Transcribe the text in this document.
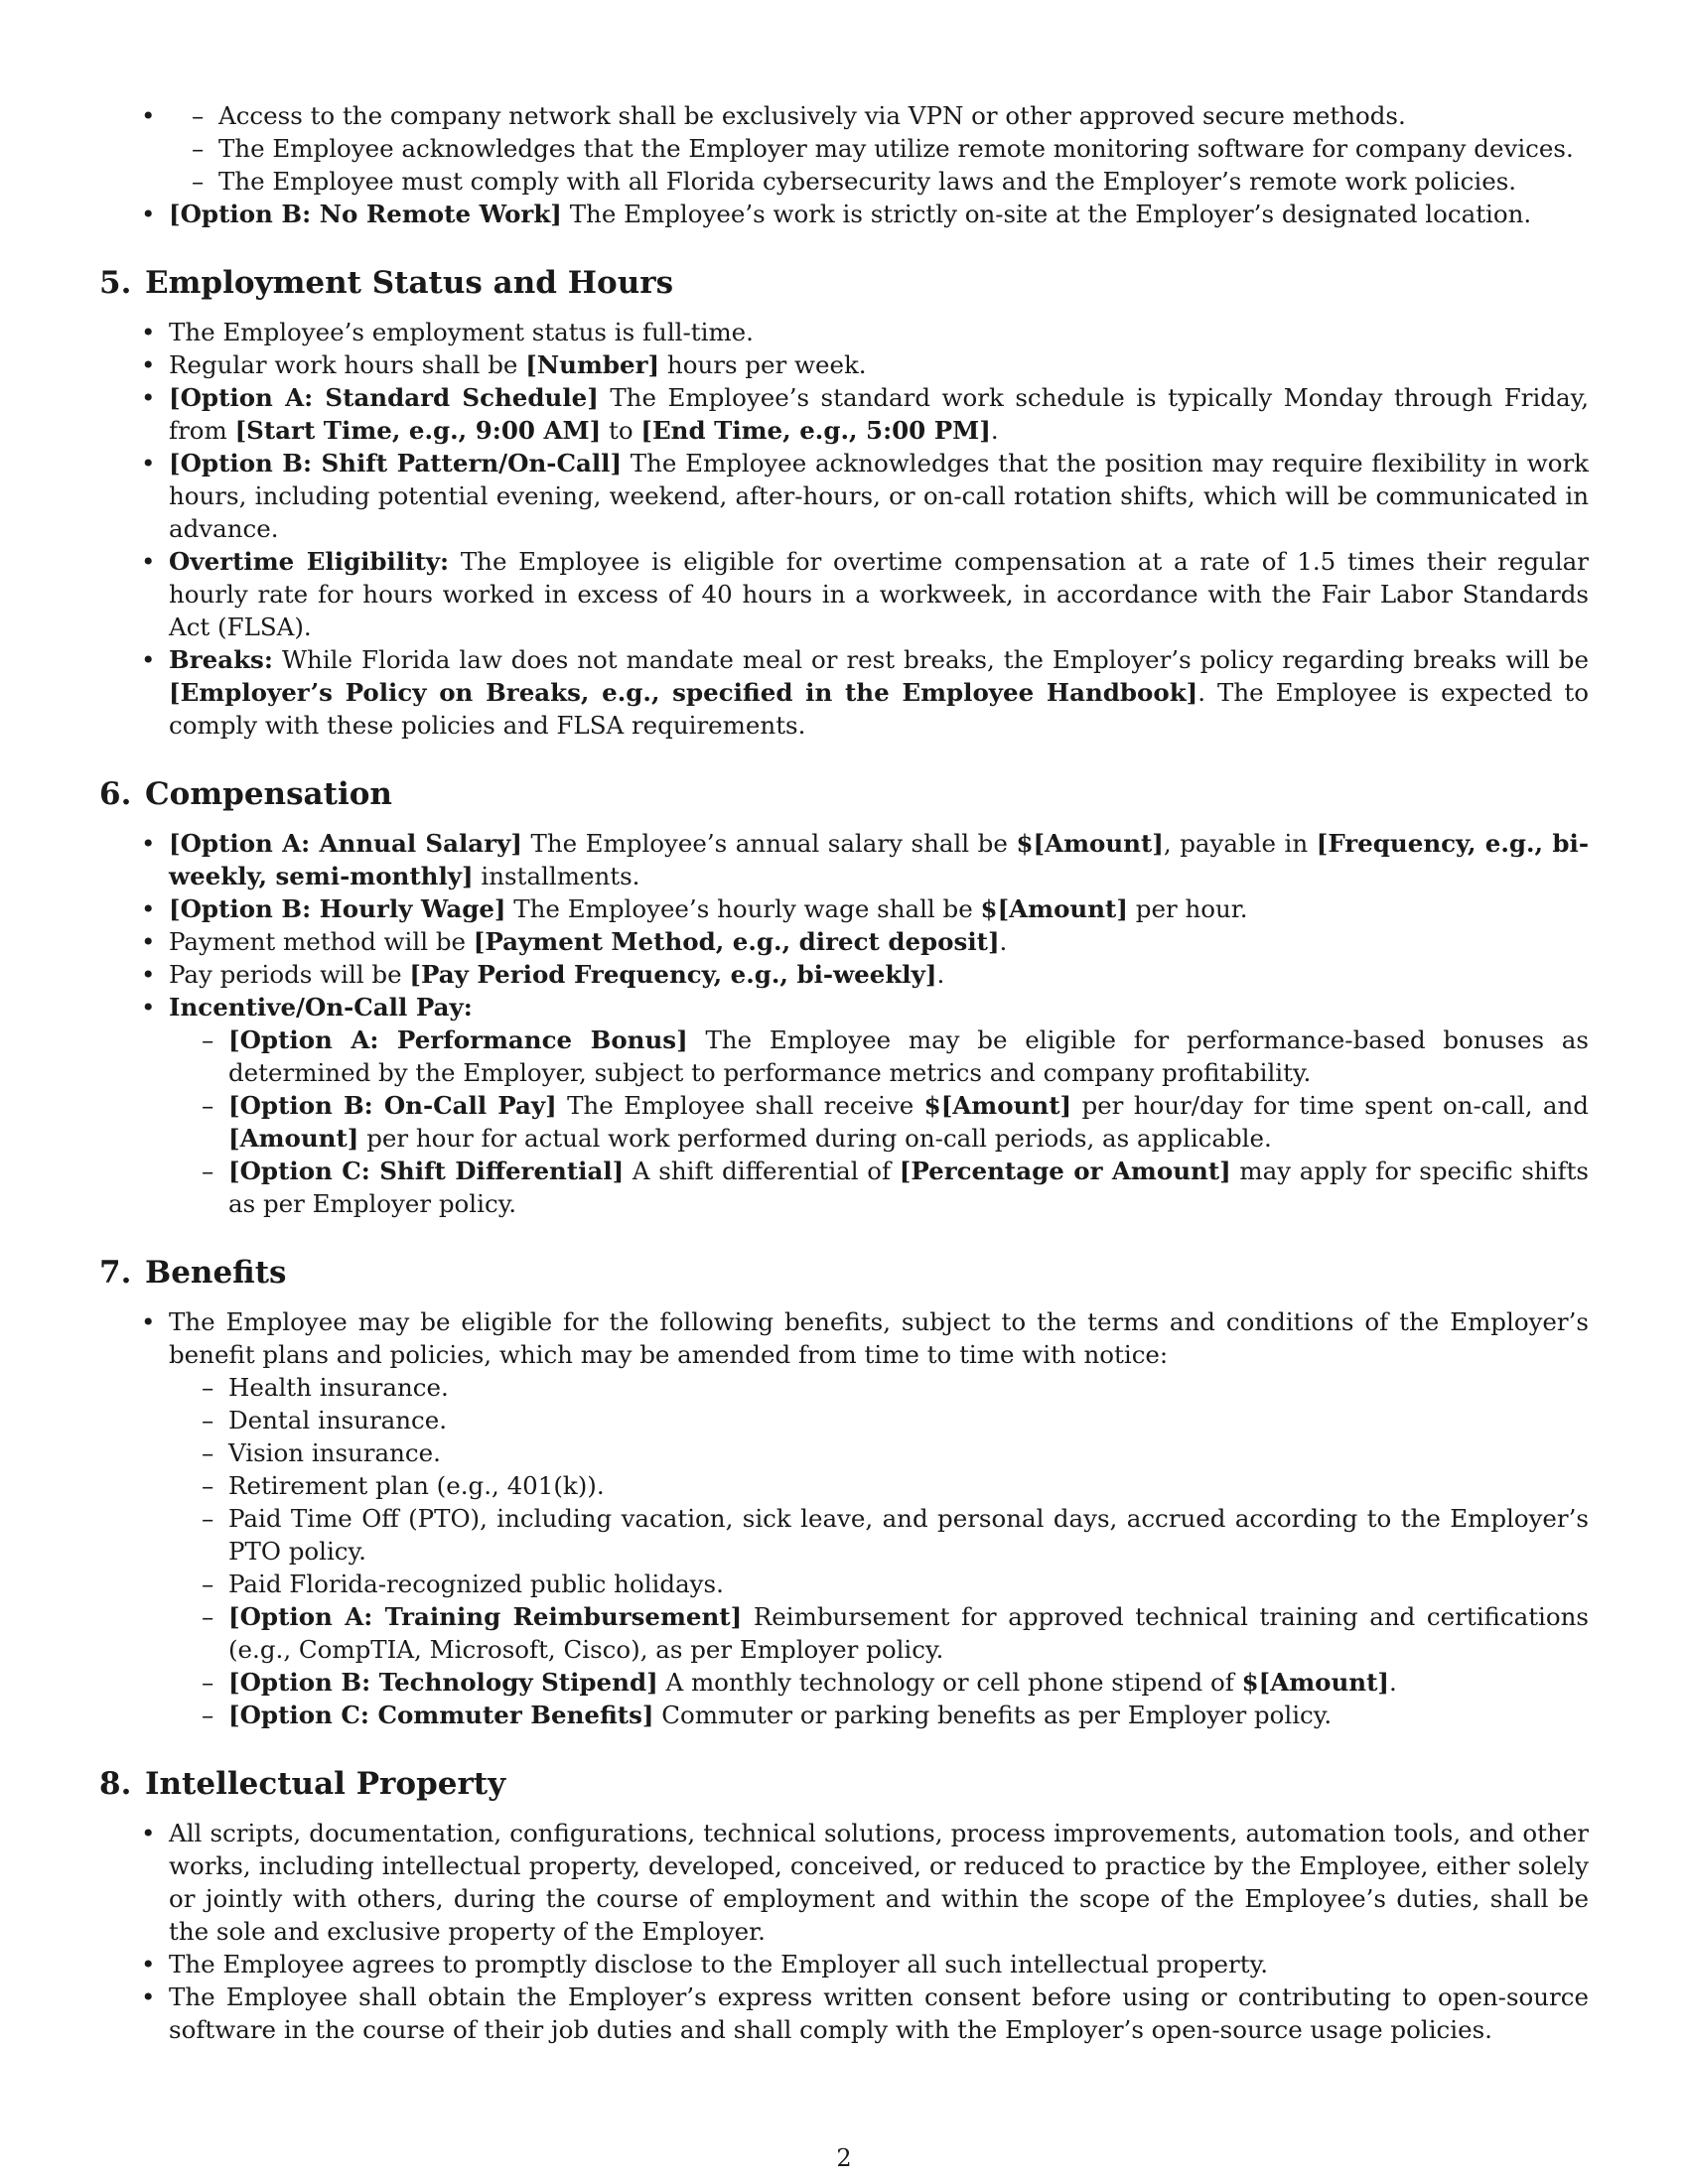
– • Access to the company network shall be exclusively via VPN or other approved secure methods.
– The Employee acknowledges that the Employer may utilize remote monitoring software for company devices.
– The Employee must comply with all Florida cybersecurity laws and the Employer’s remote work policies.
• [Option B: No Remote Work] The Employee’s work is strictly on-site at the Employer’s designated location.
5. Employment Status and Hours
• The Employee’s employment status is full-time.
• Regular work hours shall be [Number] hours per week.
• [Option A: Standard Schedule] The Employee’s standard work schedule is typically Monday through Friday, from [Start Time, e.g., 9:00 AM] to [End Time, e.g., 5:00 PM].
• [Option B: Shift Pattern/On-Call] The Employee acknowledges that the position may require flexibility in work hours, including potential evening, weekend, after-hours, or on-call rotation shifts, which will be communicated in advance.
• Overtime Eligibility: The Employee is eligible for overtime compensation at a rate of 1.5 times their regular hourly rate for hours worked in excess of 40 hours in a workweek, in accordance with the Fair Labor Standards Act (FLSA).
• Breaks: While Florida law does not mandate meal or rest breaks, the Employer’s policy regarding breaks will be [Employer’s Policy on Breaks, e.g., specified in the Employee Handbook]. The Employee is expected to comply with these policies and FLSA requirements.
6. Compensation
• [Option A: Annual Salary] The Employee’s annual salary shall be $[Amount], payable in [Frequency, e.g., bi-weekly, semi-monthly] installments.
• [Option B: Hourly Wage] The Employee’s hourly wage shall be $[Amount] per hour.
• Payment method will be [Payment Method, e.g., direct deposit].
• Pay periods will be [Pay Period Frequency, e.g., bi-weekly].
• Incentive/On-Call Pay:
– [Option A: Performance Bonus] The Employee may be eligible for performance-based bonuses as determined by the Employer, subject to performance metrics and company profitability.
– [Option B: On-Call Pay] The Employee shall receive $[Amount] per hour/day for time spent on-call, and [Amount] per hour for actual work performed during on-call periods, as applicable.
– [Option C: Shift Differential] A shift differential of [Percentage or Amount] may apply for specific shifts as per Employer policy.
7. Benefits
• The Employee may be eligible for the following benefits, subject to the terms and conditions of the Employer’s benefit plans and policies, which may be amended from time to time with notice:
– Health insurance.
– Dental insurance.
– Vision insurance.
– Retirement plan (e.g., 401(k)).
– Paid Time Off (PTO), including vacation, sick leave, and personal days, accrued according to the Employer’s PTO policy.
– Paid Florida-recognized public holidays.
– [Option A: Training Reimbursement] Reimbursement for approved technical training and certifications (e.g., CompTIA, Microsoft, Cisco), as per Employer policy.
– [Option B: Technology Stipend] A monthly technology or cell phone stipend of $[Amount].
– [Option C: Commuter Benefits] Commuter or parking benefits as per Employer policy.
8. Intellectual Property
• All scripts, documentation, configurations, technical solutions, process improvements, automation tools, and other works, including intellectual property, developed, conceived, or reduced to practice by the Employee, either solely or jointly with others, during the course of employment and within the scope of the Employee’s duties, shall be the sole and exclusive property of the Employer.
• The Employee agrees to promptly disclose to the Employer all such intellectual property.
• The Employee shall obtain the Employer’s express written consent before using or contributing to open-source software in the course of their job duties and shall comply with the Employer’s open-source usage policies.
2
